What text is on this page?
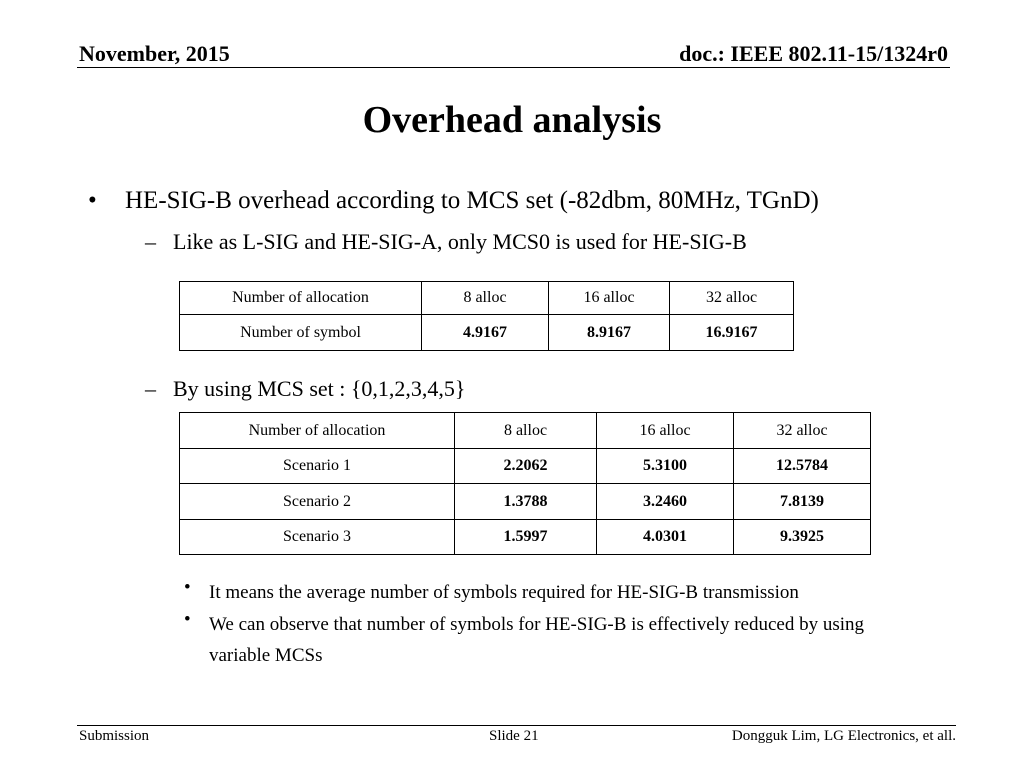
November, 2015	doc.: IEEE 802.11-15/1324r0
Overhead analysis
• HE-SIG-B overhead according to MCS set (-82dbm, 80MHz, TGnD)
– Like as L-SIG and HE-SIG-A, only MCS0 is used for HE-SIG-B
Number of allocation	8 alloc	16 alloc	32 alloc
Number of symbol	4.9167	8.9167	16.9167
– By using MCS set : {0,1,2,3,4,5}
Number of allocation	8 alloc	16 alloc	32 alloc
Scenario 1	2.2062	5.3100	12.5784
Scenario 2	1.3788	3.2460	7.8139
Scenario 3	1.5997	4.0301	9.3925
• It means the average number of symbols required for HE-SIG-B transmission
• We can observe that number of symbols for HE-SIG-B is effectively reduced by using variable MCSs
Submission	Slide 21	Dongguk Lim, LG Electronics, et all.
